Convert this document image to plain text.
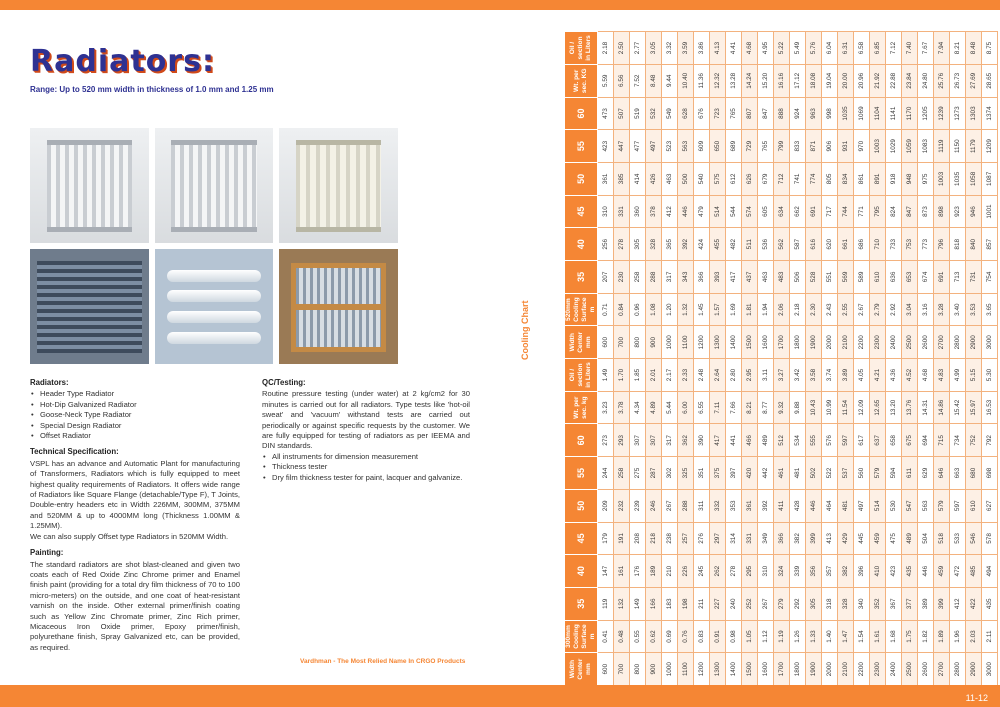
Radiators:
Range: Up to 520 mm width in thickness of 1.0 mm and 1.25 mm
Radiators:
• Header Type Radiator
• Hot-Dip Galvanized Radiator
• Goose-Neck Type Radiator
• Special Design Radiator
• Offset Radiator
Technical Specification:

VSPL has an advance and Automatic Plant for manufacturing of Transformers, Radiators which is fully equipped to meet highest quality requirements of Radiators. It offers wide range of Radiators like Square Flange (detachable/Type F), T Joints, Double-entry headers etc in Width 226MM, 300MM, 375MM and 520MM & up to 4000MM long (Thickness 1.00MM & 1.25MM).

We can also supply Offset type Radiators in 520MM Width.

Painting:

The standard radiators are shot blast-cleaned and given two coats each of Red Oxide Zinc Chrome primer and Enamel finish paint (providing for a total dry film thickness of 70 to 100 micro-meters) on the outside, and one coat of heat-resistant varnish on the inside. Other external primer/finish coating such as Yellow Zinc Chromate primer, Zinc Rich primer, Micaceous Iron Oxide primer, Epoxy primer/finish, polyurethane finish, Spray Galvanized etc, can be provided, as required.

QC/Testing:

Routine pressure testing (under water) at 2 kg/cm2 for 30 minutes is carried out for all radiators. Type tests like 'hot-oil sweat' and 'vacuum' withstand tests are carried out periodically or against specific requests by the customer. We are fully equipped for testing of radiators as per IEEMA and DIN standards.

• All instruments for dimension measurement
• Thickness tester
• Dry film thickness tester for paint, lacquer and galvanize.
Vardhman - The Most Relied Name In CRGO Products
Cooling Chart
Width Center mm	300mm Cooling Surface m	35	40	45	50	55	60	Wt. per sec. kg	Oil / section in Liters	Width Center mm	520mm Cooling Surface m	35	40	45	50	55	60	Wt. per sec. KG	Oil / section in Liters
600	0.41	119	147	179	209	244	273	3.23	1.49	600	0.71	207	256	310	361	423	473	5.59	2.18
700	0.48	132	161	191	232	258	293	3.78	1.70	700	0.84	230	278	331	385	447	507	6.56	2.50
800	0.55	149	176	208	239	275	307	4.34	1.85	800	0.96	258	305	360	414	477	519	7.52	2.77
900	0.62	166	189	218	246	287	307	4.89	2.01	900	1.08	288	328	378	426	497	532	8.48	3.05
1000	0.69	183	210	238	267	302	317	5.44	2.17	1000	1.20	317	365	412	463	523	549	9.44	3.32
1100	0.76	198	226	257	288	325	362	6.00	2.33	1100	1.32	343	392	446	500	563	628	10.40	3.59
1200	0.83	211	245	276	311	351	390	6.55	2.48	1200	1.45	366	424	479	540	609	676	11.36	3.86
1300	0.91	227	262	297	332	375	417	7.11	2.64	1300	1.57	393	455	514	575	650	723	12.32	4.13
1400	0.98	240	278	314	353	397	441	7.66	2.80	1400	1.69	417	482	544	612	689	765	13.28	4.41
1500	1.05	252	295	331	361	420	466	8.21	2.95	1500	1.81	437	511	574	626	729	807	14.24	4.68
1600	1.12	267	310	349	392	442	489	8.77	3.11	1600	1.94	463	536	605	679	765	847	15.20	4.95
1700	1.19	279	324	366	411	461	512	9.32	3.27	1700	2.06	483	562	634	712	799	888	16.16	5.22
1800	1.26	292	339	382	428	481	534	9.88	3.42	1800	2.18	506	587	662	741	833	924	17.12	5.49
1900	1.33	305	356	399	446	502	555	10.43	3.58	1900	2.30	528	616	691	774	871	963	18.08	5.76
2000	1.40	318	357	413	464	522	576	10.99	3.74	2000	2.43	551	620	717	805	906	998	19.04	6.04
2100	1.47	328	382	429	481	537	597	11.54	3.89	2100	2.55	569	661	744	834	931	1035	20.00	6.31
2200	1.54	340	396	445	497	560	617	12.09	4.05	2200	2.67	589	686	771	861	970	1069	20.96	6.58
2300	1.61	352	410	459	514	579	637	12.65	4.21	2300	2.79	610	710	795	891	1003	1104	21.92	6.85
2400	1.68	367	423	475	530	594	658	13.20	4.36	2400	2.92	636	733	824	918	1029	1141	22.88	7.12
2500	1.75	377	435	489	547	611	675	13.76	4.52	2500	3.04	653	753	847	948	1059	1170	23.84	7.40
2600	1.82	389	446	504	563	629	694	14.31	4.68	2600	3.16	674	773	873	975	1083	1205	24.80	7.67
2700	1.89	399	459	518	579	646	715	14.86	4.83	2700	3.28	691	796	898	1003	1119	1239	25.76	7.94
2800	1.96	412	472	533	597	663	734	15.42	4.99	2800	3.40	713	818	923	1035	1150	1273	26.73	8.21
2900	2.03	422	485	546	610	680	752	15.97	5.15	2900	3.53	731	840	946	1058	1179	1303	27.69	8.48
3000	2.11	435	494	578	627	698	792	16.53	5.30	3000	3.65	754	857	1001	1087	1209	1374	28.65	8.75
11-12
